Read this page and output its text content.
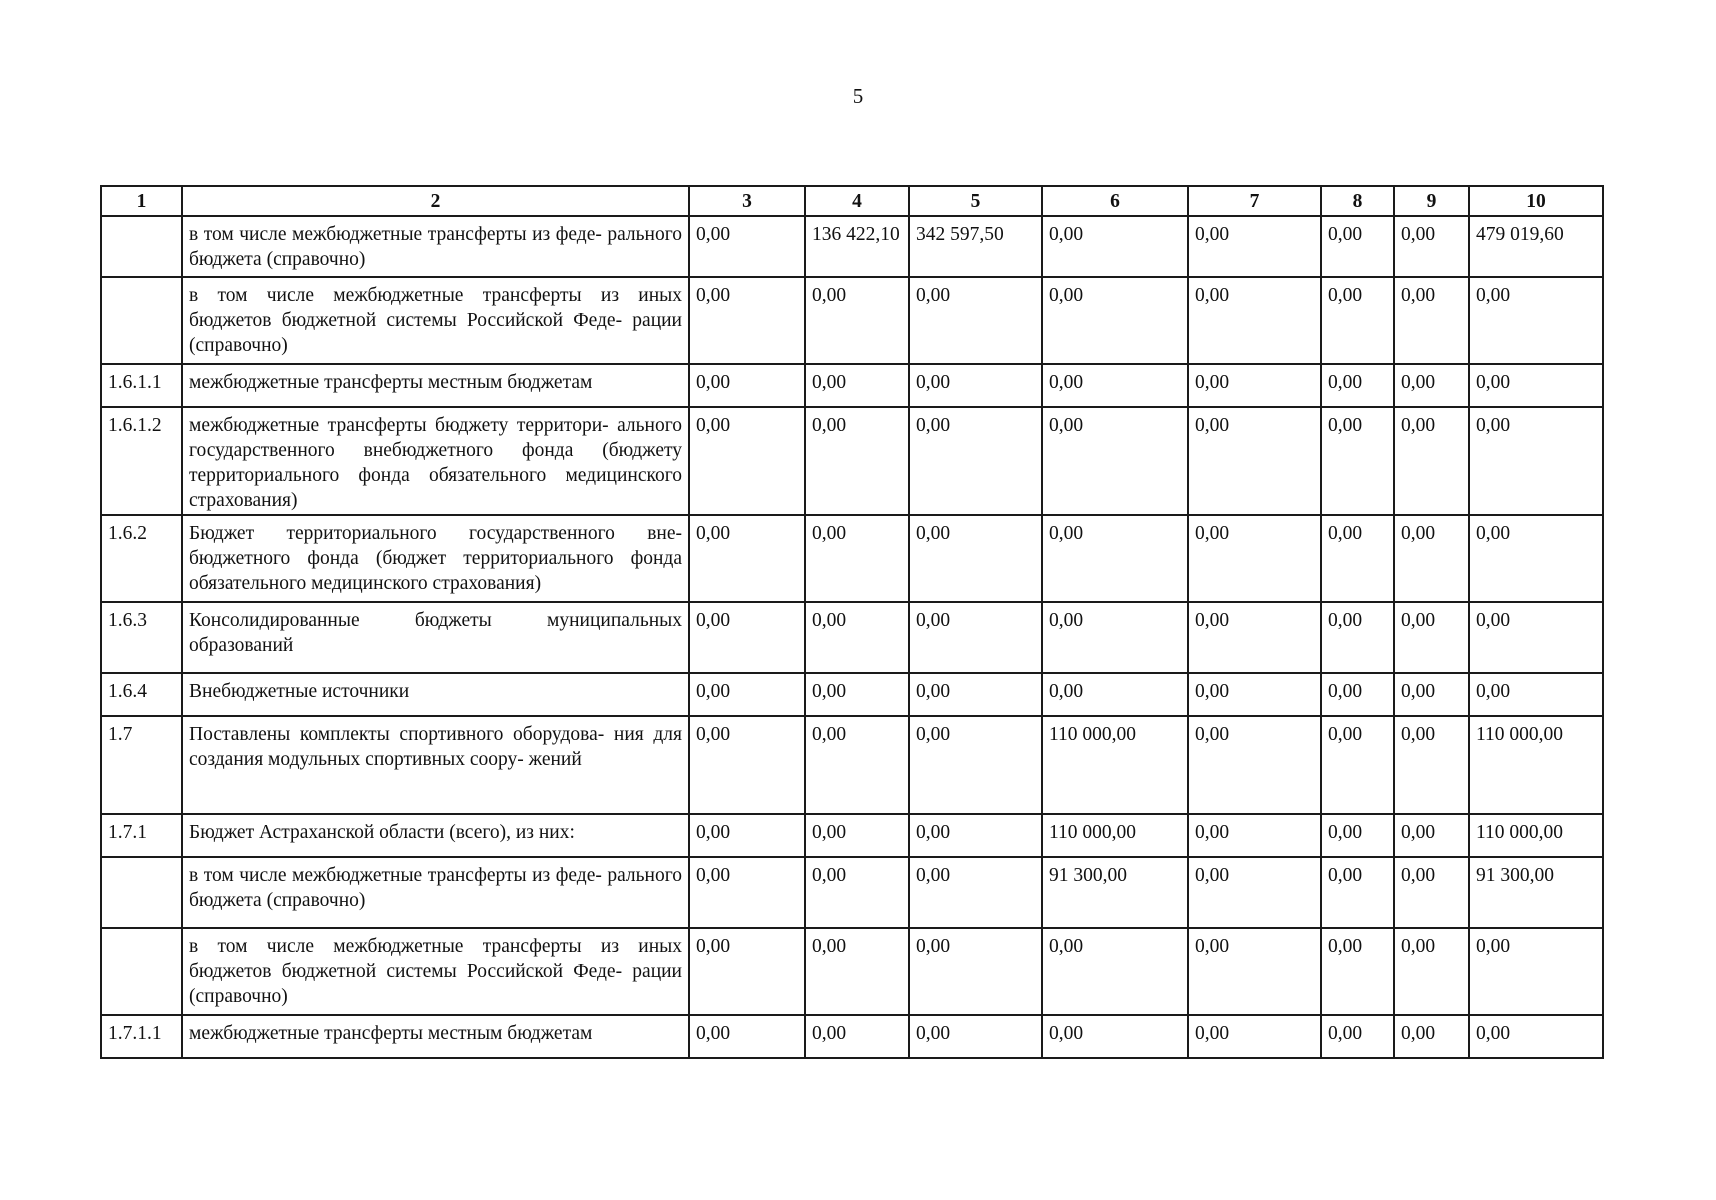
5
1	2	3	4	5	6	7	8	9	10
	в том числе межбюджетные трансферты из феде- рального бюджета (справочно)	0,00	136 422,10	342 597,50	0,00	0,00	0,00	0,00	479 019,60
	в том числе межбюджетные трансферты из иных бюджетов бюджетной системы Российской Феде- рации (справочно)	0,00	0,00	0,00	0,00	0,00	0,00	0,00	0,00
1.6.1.1	межбюджетные трансферты местным бюджетам	0,00	0,00	0,00	0,00	0,00	0,00	0,00	0,00
1.6.1.2	межбюджетные трансферты бюджету территори- ального государственного внебюджетного фонда (бюджету территориального фонда обязательного медицинского страхования)	0,00	0,00	0,00	0,00	0,00	0,00	0,00	0,00
1.6.2	Бюджет территориального государственного вне- бюджетного фонда (бюджет территориального фонда обязательного медицинского страхования)	0,00	0,00	0,00	0,00	0,00	0,00	0,00	0,00
1.6.3	Консолидированные бюджеты муниципальных образований	0,00	0,00	0,00	0,00	0,00	0,00	0,00	0,00
1.6.4	Внебюджетные источники	0,00	0,00	0,00	0,00	0,00	0,00	0,00	0,00
1.7	Поставлены комплекты спортивного оборудова- ния для создания модульных спортивных соору- жений	0,00	0,00	0,00	110 000,00	0,00	0,00	0,00	110 000,00
1.7.1	Бюджет Астраханской области (всего), из них:	0,00	0,00	0,00	110 000,00	0,00	0,00	0,00	110 000,00
	в том числе межбюджетные трансферты из феде- рального бюджета (справочно)	0,00	0,00	0,00	91 300,00	0,00	0,00	0,00	91 300,00
	в том числе межбюджетные трансферты из иных бюджетов бюджетной системы Российской Феде- рации (справочно)	0,00	0,00	0,00	0,00	0,00	0,00	0,00	0,00
1.7.1.1	межбюджетные трансферты местным бюджетам	0,00	0,00	0,00	0,00	0,00	0,00	0,00	0,00
